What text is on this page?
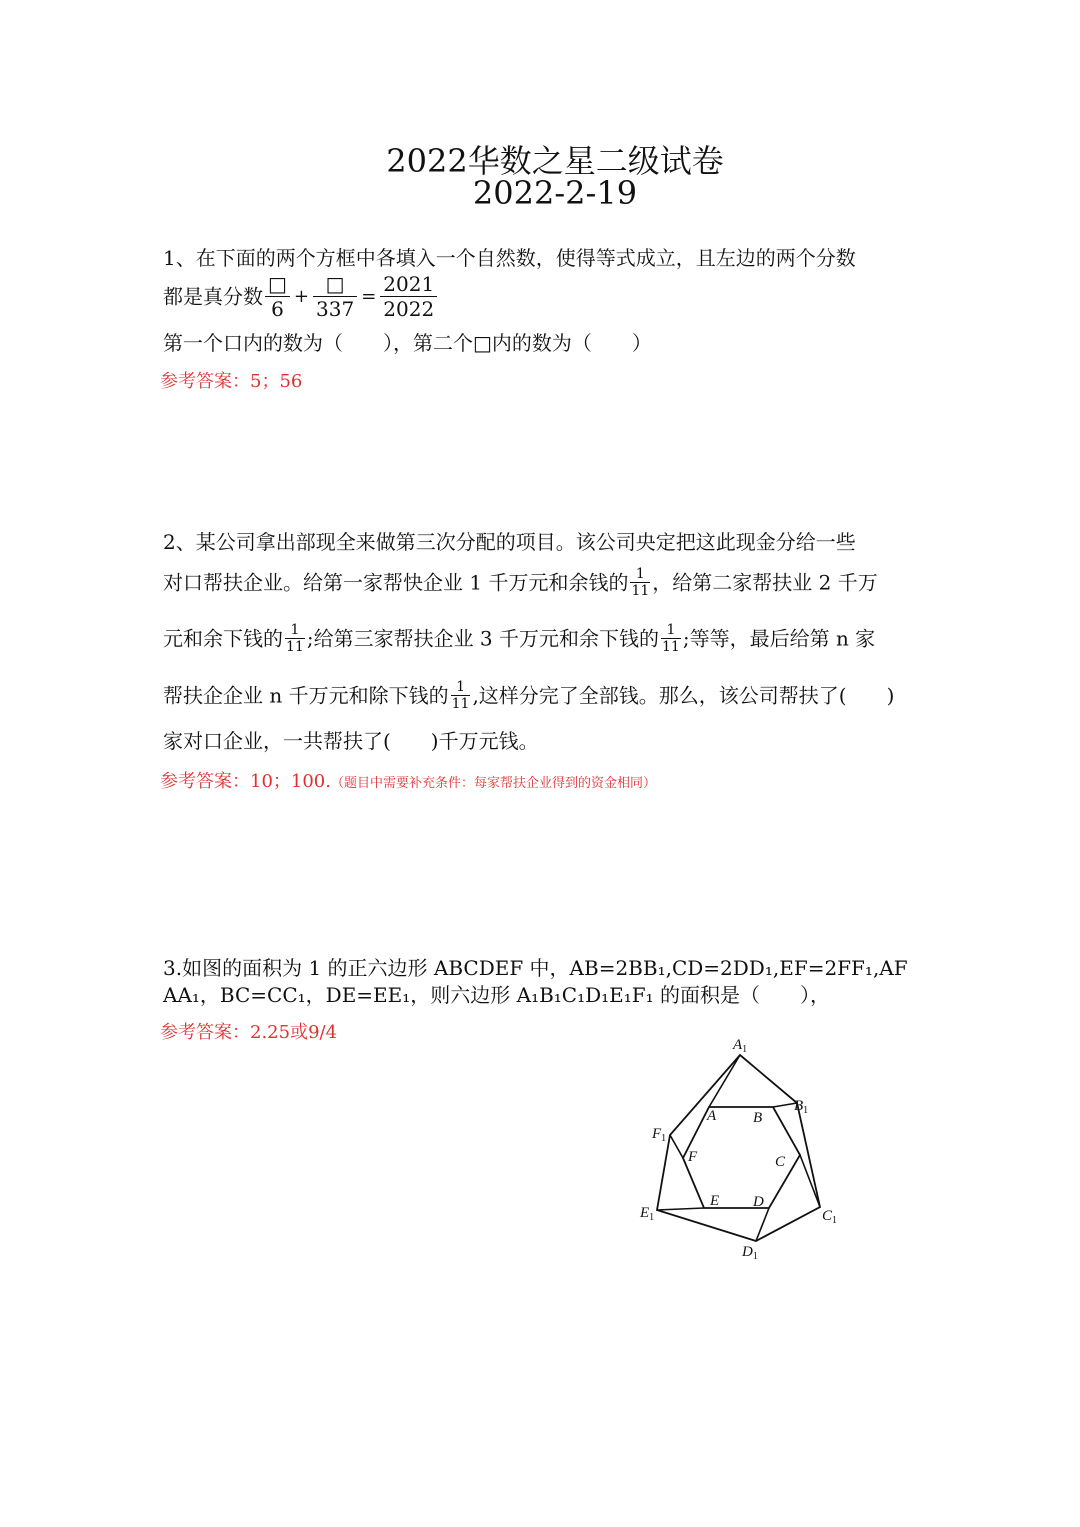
2022华数之星二级试卷
2022-2-19
1、在下面的两个方框中各填入一个自然数，使得等式成立，且左边的两个分数
都是真分数 $\frac{□}{6} + \frac{□}{337} = \frac{2021}{2022}$
第一个口内的数为（　　），第二个□内的数为（　　）
参考答案：5；56
2、某公司拿出部现全来做第三次分配的项目。该公司央定把这此现金分给一些
对口帮扶企业。给第一家帮快企业 1 千万元和余钱的 $\frac{1}{11}$ ，给第二家帮扶业 2 千万
元和余下钱的 $\frac{1}{11}$ ;给第三家帮扶企业 3 千万元和余下钱的 $\frac{1}{11}$ ;等等，最后给第 n 家
帮扶企企业 n 千万元和除下钱的 $\frac{1}{11}$ ,这样分完了全部钱。那么，该公司帮扶了(　　)
家对口企业，一共帮扶了(　　)千万元钱。
参考答案：10；100.（题目中需要补充条件：每家帮扶企业得到的资金相同）
3.如图的面积为 1 的正六边形 ABCDEF 中，AB=2BB₁,CD=2DD₁,EF=2FF₁,AF
AA₁，BC=CC₁，DE=EE₁，则六边形 A₁B₁C₁D₁E₁F₁ 的面积是（　　），
参考答案：2.25或9/4
$A_1$
$B_1$
$C_1$
$D_1$
$E_1$
$F_1$
A B
C
D
E
F
